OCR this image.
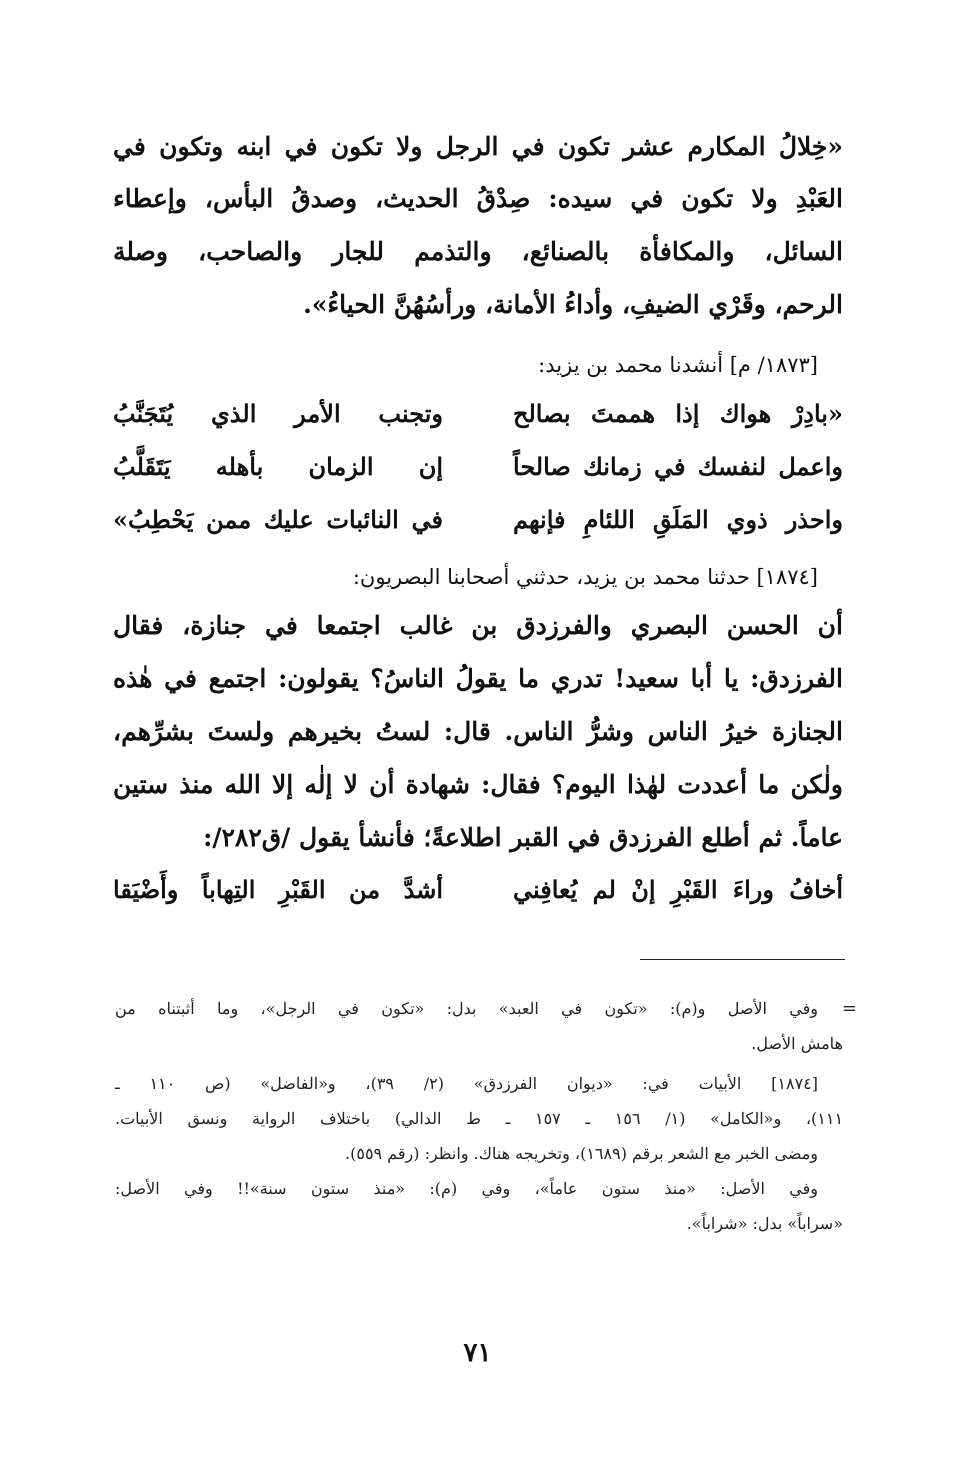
«خِلالُ المكارم عشر تكون في الرجل ولا تكون في ابنه وتكون في
العَبْدِ ولا تكون في سيده: صِدْقُ الحديث، وصدقُ البأس، وإعطاء
السائل، والمكافأة بالصنائع، والتذمم للجار والصاحب، وصلة
الرحم، وقَرْي الضيفِ، وأداءُ الأمانة، ورأسُهُنَّ الحياءُ».
[١٨٧٣/ م] أنشدنا محمد بن يزيد:
«بادِرْ هواك إذا هممتَ بصالح
وتجنب الأمر الذي يُتَجَنَّبُ
واعمل لنفسك في زمانك صالحاً
إن الزمان بأهله يَتَقَلَّبُ
واحذر ذوي المَلَقِ اللئامِ فإنهم
في النائبات عليك ممن يَحْطِبُ»
[١٨٧٤] حدثنا محمد بن يزيد، حدثني أصحابنا البصريون:
أن الحسن البصري والفرزدق بن غالب اجتمعا في جنازة، فقال
الفرزدق: يا أبا سعيد! تدري ما يقولُ الناسُ؟ يقولون: اجتمع في هٰذه
الجنازة خيرُ الناس وشرُّ الناس. قال: لستُ بخيرهم ولستَ بشرِّهم،
ولٰكن ما أعددت لهٰذا اليوم؟ فقال: شهادة أن لا إلٰه إلا الله منذ ستين
عاماً. ثم أطلع الفرزدق في القبر اطلاعةً؛ فأنشأ يقول /ق٢٨٢/:
أخافُ وراءَ القَبْرِ إنْ لم يُعافِني
أشدَّ من القَبْرِ التِهاباً وأَضْيَقا
=
وفي الأصل و(م): «تكون في العبد» بدل: «تكون في الرجل»، وما أثبتناه من
هامش الأصل.
[١٨٧٤] الأبيات في: «ديوان الفرزدق» (٢/ ٣٩)، و«الفاضل» (ص ١١٠ ـ
١١١)، و«الكامل» (١/ ١٥٦ ـ ١٥٧ ـ ط الدالي) باختلاف الرواية ونسق الأبيات.
ومضى الخبر مع الشعر برقم (١٦٨٩)، وتخريجه هناك. وانظر: (رقم ٥٥٩).
وفي الأصل: «منذ ستون عاماً»، وفي (م): «منذ ستون سنة»!! وفي الأصل:
«سراباً» بدل: «شراباً».
٧١
